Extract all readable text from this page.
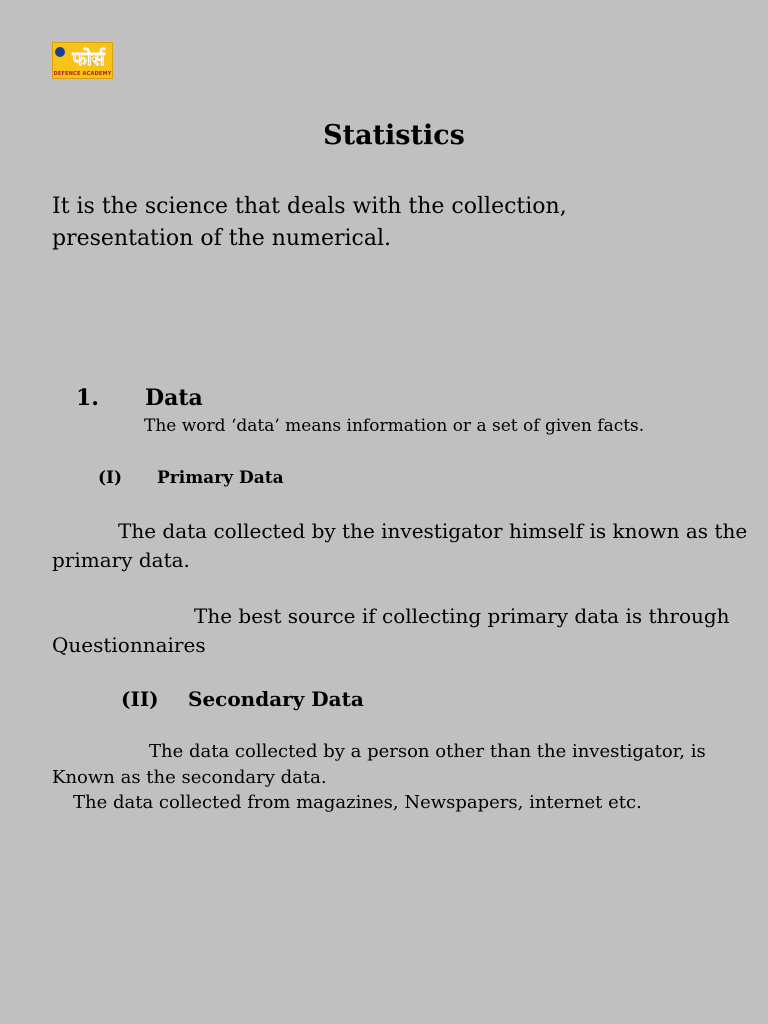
फोर्स
DEFENCE ACADEMY
Statistics

It is the science that deals with the collection, presentation of the numerical.

1. Data

The word ‘data’ means information or a set of given facts.

(I) Primary Data

The data collected by the investigator himself is known as the primary data.

The best source if collecting primary data is through Questionnaires

(II) Secondary Data

The data collected by a person other than the investigator, is Known as the secondary data.

The data collected from magazines, Newspapers, internet etc.
